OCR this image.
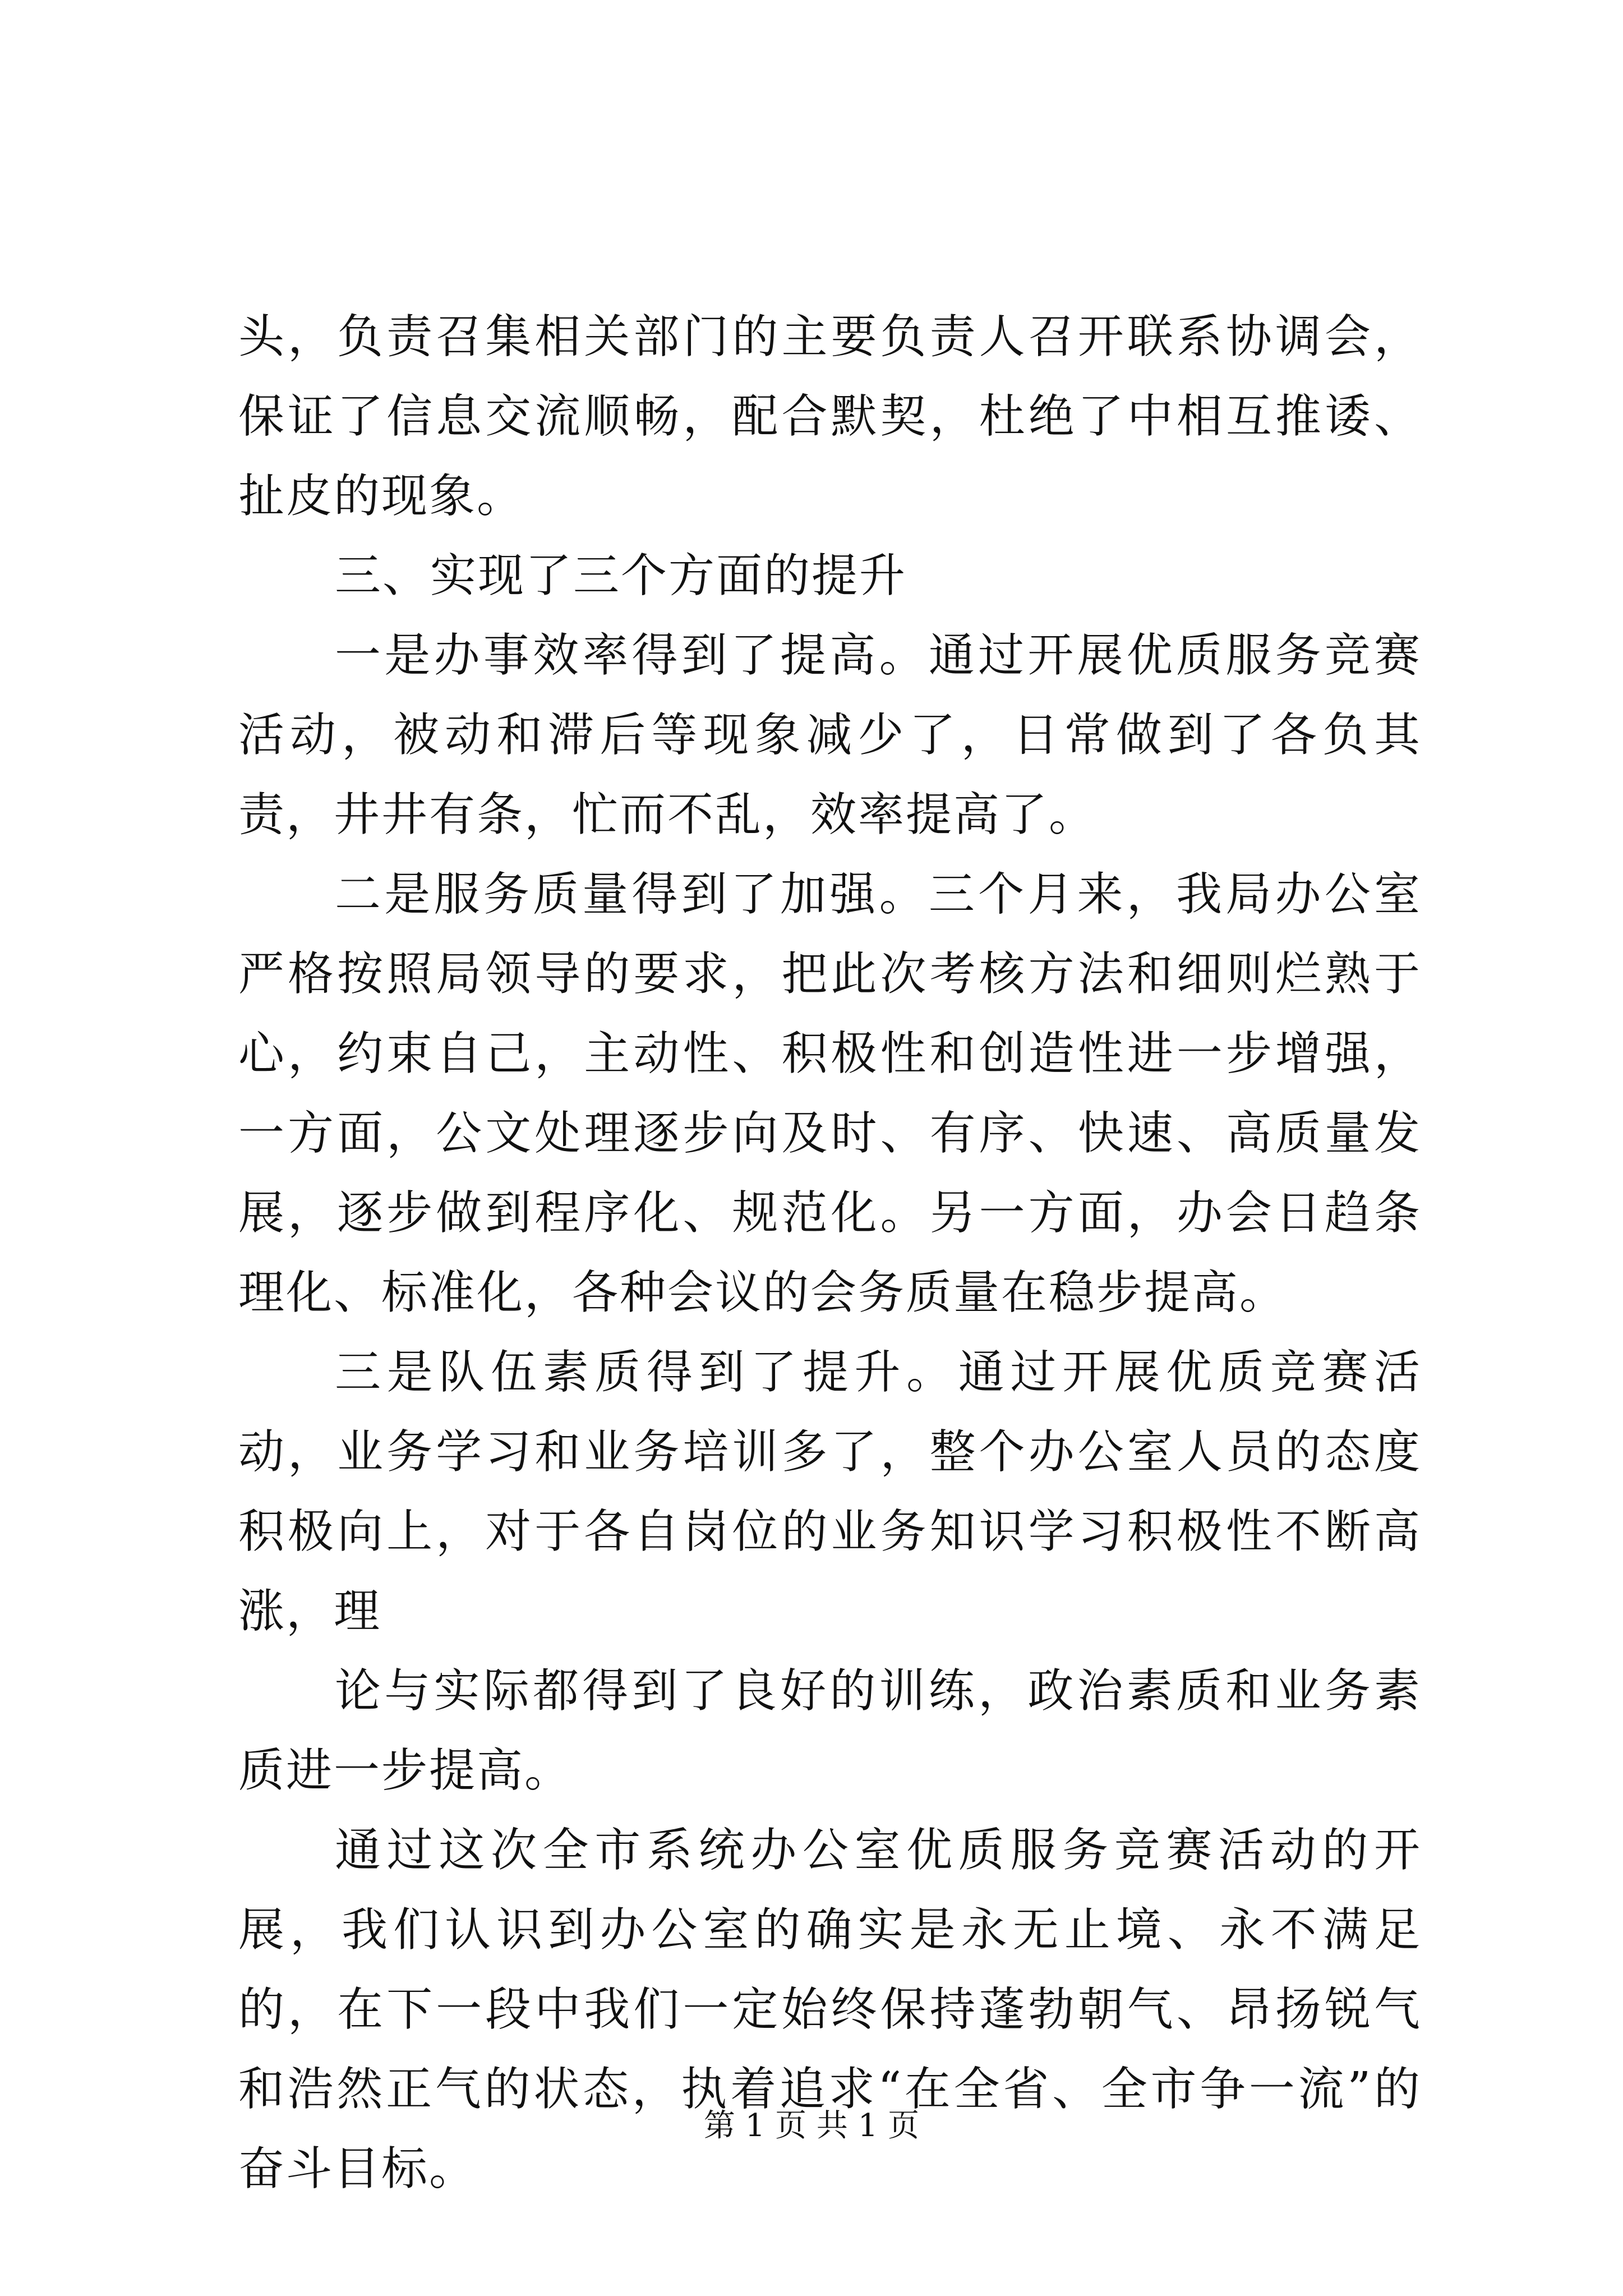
头，负责召集相关部门的主要负责人召开联系协调会，保证了信息交流顺畅，配合默契，杜绝了中相互推诿、扯皮的现象。

三、实现了三个方面的提升

一是办事效率得到了提高。通过开展优质服务竞赛活动，被动和滞后等现象减少了，日常做到了各负其责，井井有条，忙而不乱，效率提高了。

二是服务质量得到了加强。三个月来，我局办公室严格按照局领导的要求，把此次考核方法和细则烂熟于心，约束自己，主动性、积极性和创造性进一步增强，一方面，公文处理逐步向及时、有序、快速、高质量发展，逐步做到程序化、规范化。另一方面，办会日趋条理化、标准化，各种会议的会务质量在稳步提高。

三是队伍素质得到了提升。通过开展优质竞赛活动，业务学习和业务培训多了，整个办公室人员的态度积极向上，对于各自岗位的业务知识学习积极性不断高涨，理

论与实际都得到了良好的训练，政治素质和业务素质进一步提高。

通过这次全市系统办公室优质服务竞赛活动的开展，我们认识到办公室的确实是永无止境、永不满足的，在下一段中我们一定始终保持蓬勃朝气、昂扬锐气和浩然正气的状态，执着追求“在全省、全市争一流”的奋斗目标。

第 1 页 共 1 页
